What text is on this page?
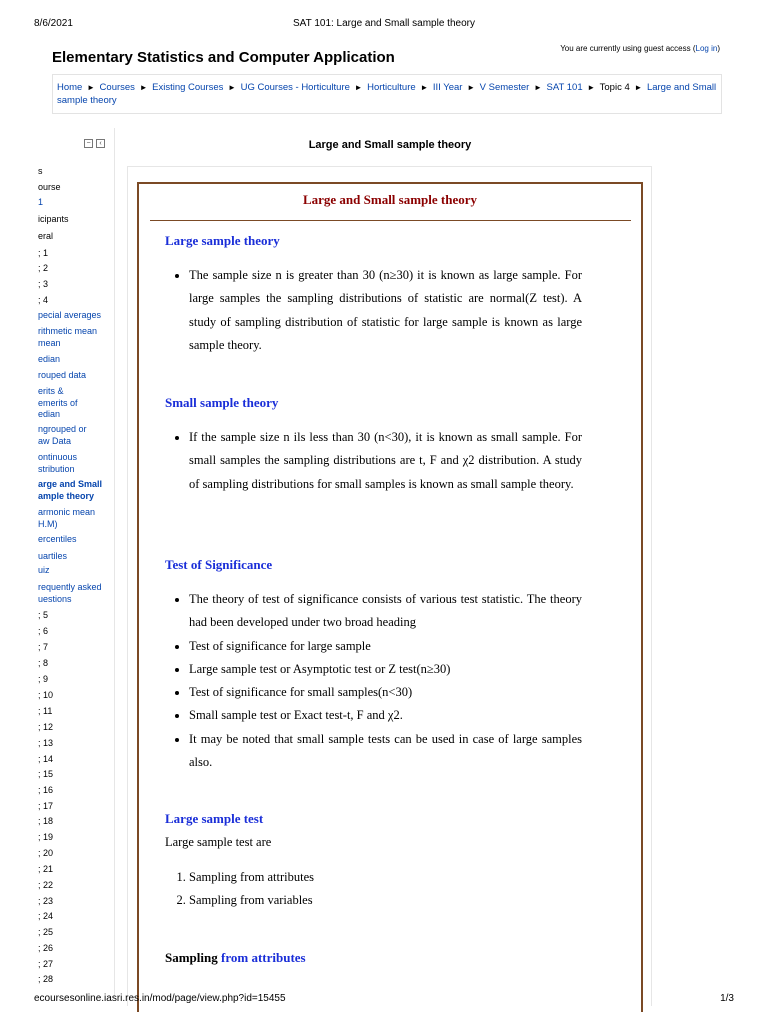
8/6/2021	SAT 101: Large and Small sample theory
Elementary Statistics and Computer Application
You are currently using guest access (Log in)
Home ► Courses ► Existing Courses ► UG Courses - Horticulture ► Horticulture ► III Year ► V Semester ► SAT 101 ► Topic 4 ► Large and Small sample theory
− ‹
s
ourse
1
icipants
eral
; 1
; 2
; 3
; 4
pecial averages
rithmetic mean
mean
edian
rouped data
erits &
emerits of
edian
ngrouped or
aw Data
ontinuous
stribution
arge and Small
ample theory
armonic mean
H.M)
ercentiles
uartiles
uiz
requently asked
uestions
; 5
; 6
; 7
; 8
; 9
; 10
; 11
; 12
; 13
; 14
; 15
; 16
; 17
; 18
; 19
; 20
; 21
; 22
; 23
; 24
; 25
; 26
; 27
; 28
Large and Small sample theory
Large and Small sample theory
Large sample theory
• The sample size n is greater than 30 (n≥30) it is known as large sample. For large samples the sampling distributions of statistic are normal(Z test). A study of sampling distribution of statistic for large sample is known as large sample theory.
Small sample theory
• If the sample size n ils less than 30 (n<30), it is known as small sample. For small samples the sampling distributions are t, F and χ2 distribution. A study of sampling distributions for small samples is known as small sample theory.
Test of Significance
• The theory of test of significance consists of various test statistic. The theory had been developed under two broad heading
• Test of significance for large sample
• Large sample test or Asymptotic test or Z test(n≥30)
• Test of significance for small samples(n<30)
• Small sample test or Exact test-t, F and χ2.
• It may be noted that small sample tests can be used in case of large samples also.
Large sample test
Large sample test are
1. Sampling from attributes
2. Sampling from variables
Sampling from attributes
ecoursesonline.iasri.res.in/mod/page/view.php?id=15455	1/3
